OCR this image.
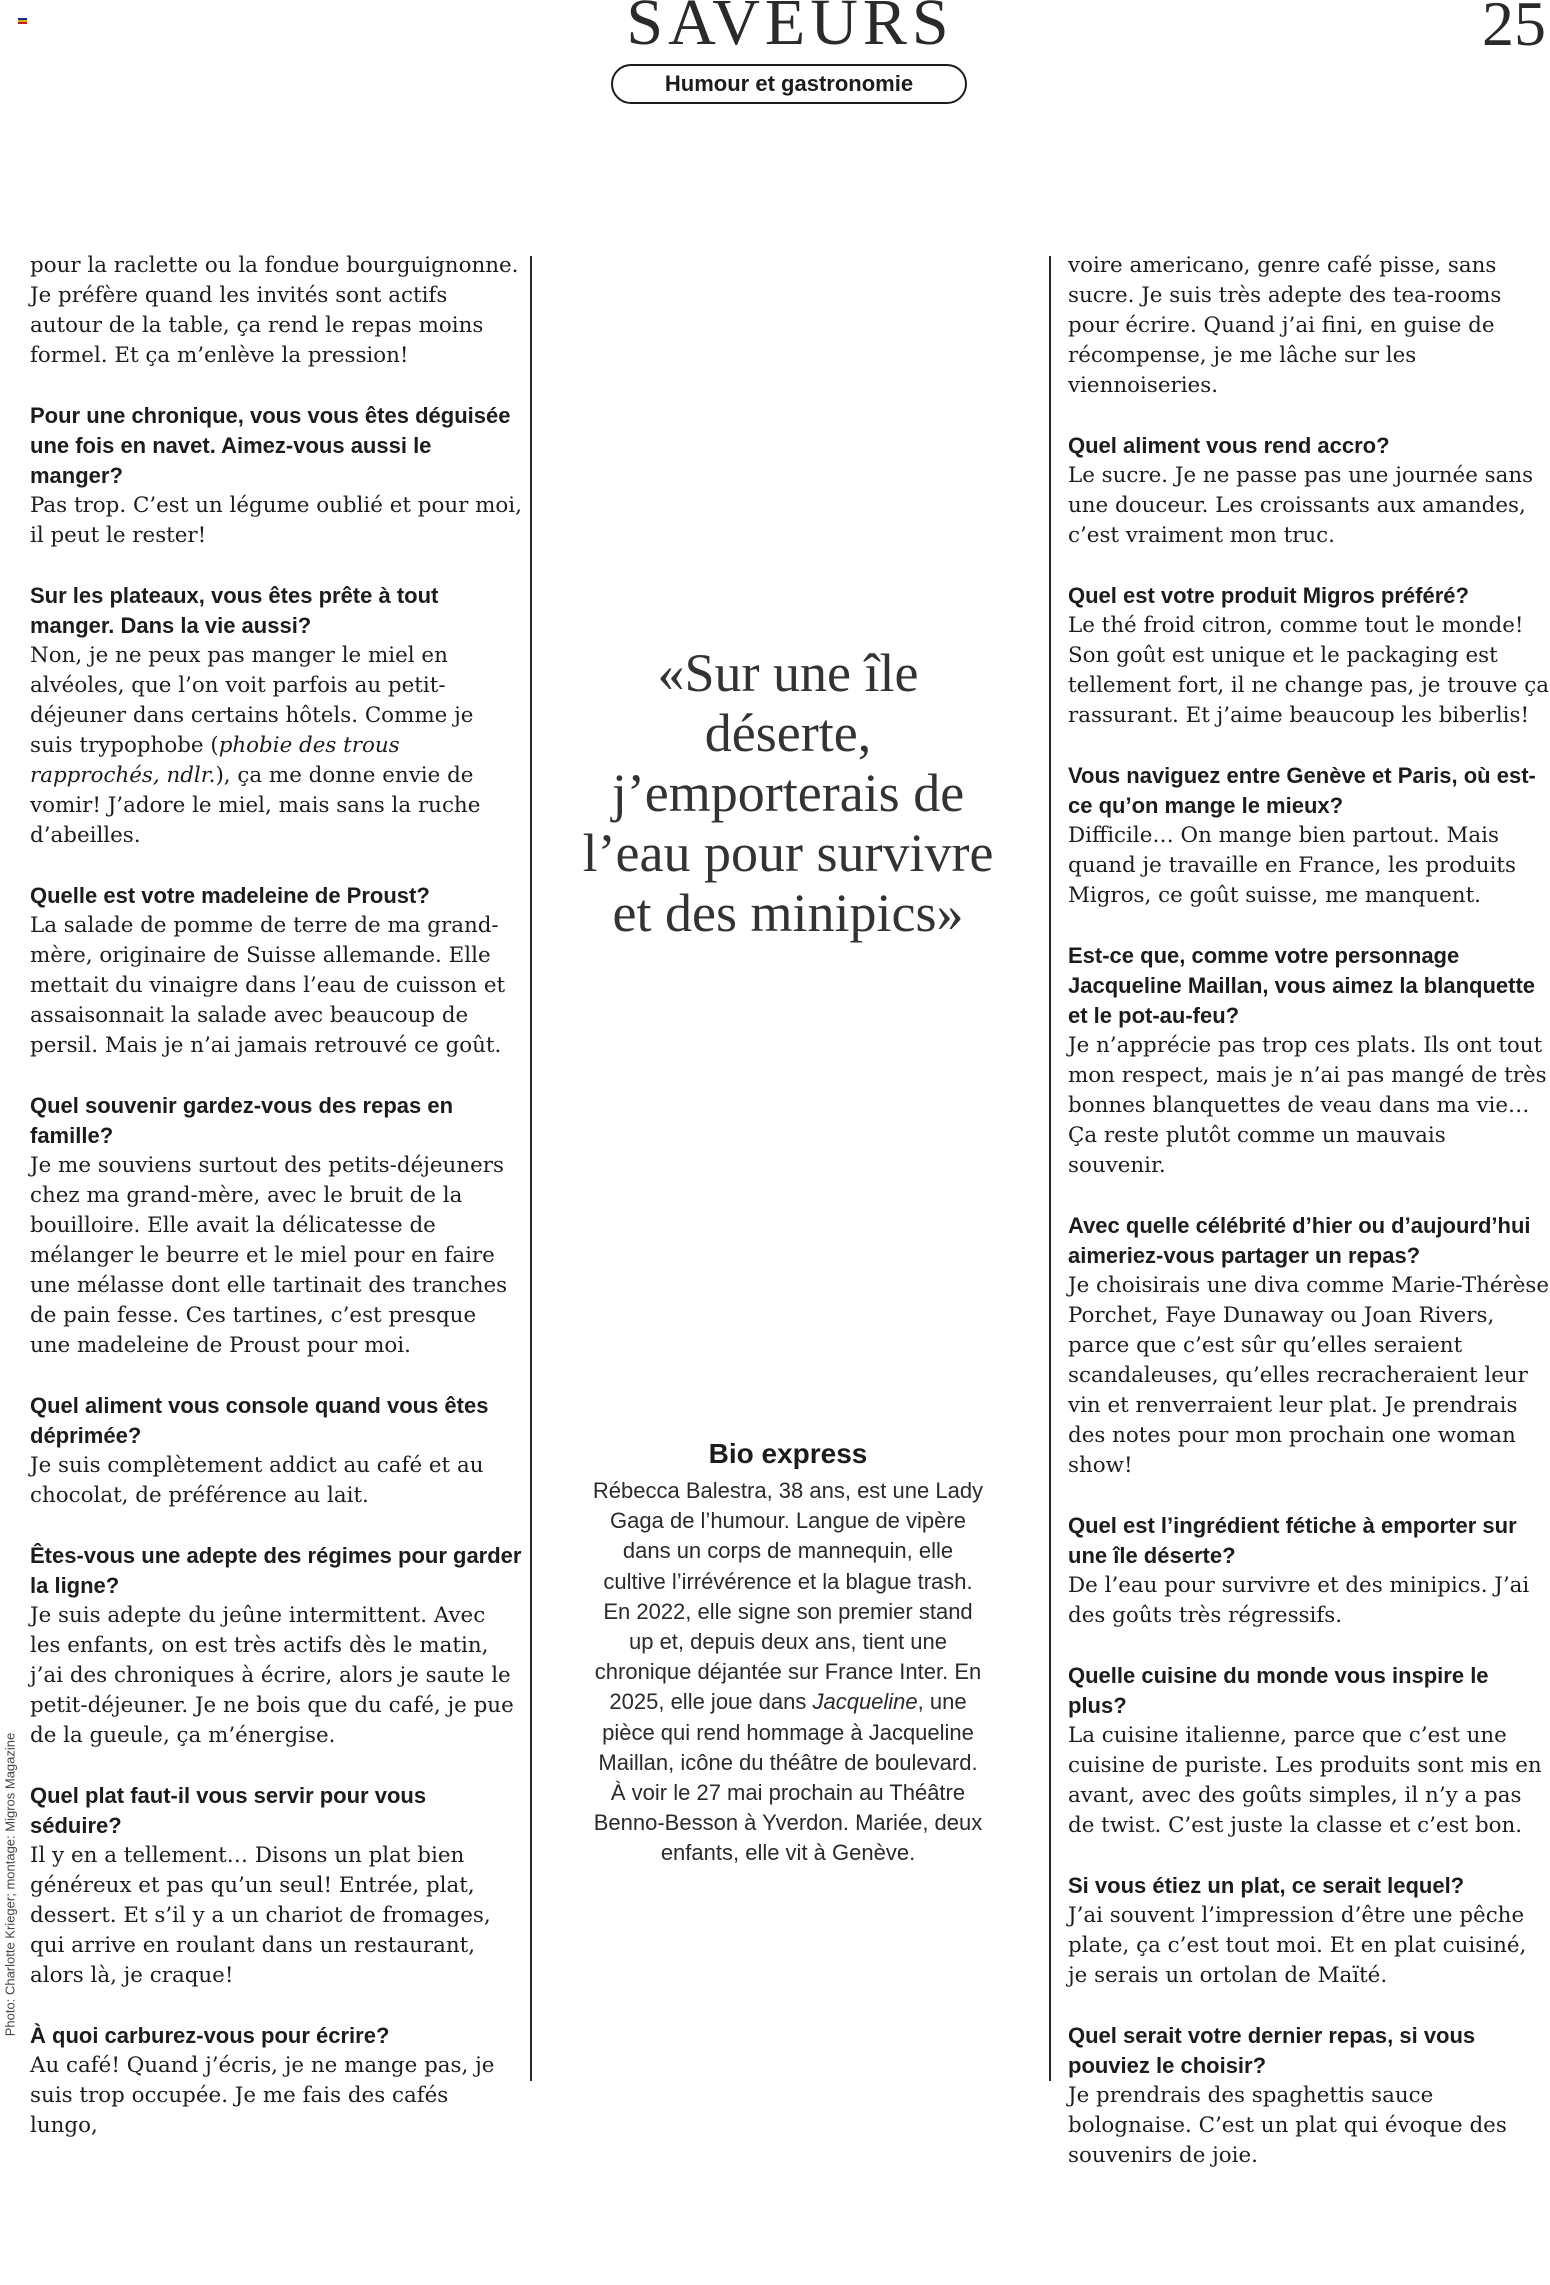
SAVEURS	25
Humour et gastronomie

pour la raclette ou la fondue bourguignonne. Je préfère quand les invités sont actifs autour de la table, ça rend le repas moins formel. Et ça m’enlève la pression!

Pour une chronique, vous vous êtes déguisée une fois en navet. Aimez-vous aussi le manger?
Pas trop. C’est un légume oublié et pour moi, il peut le rester!

Sur les plateaux, vous êtes prête à tout manger. Dans la vie aussi?
Non, je ne peux pas manger le miel en alvéoles, que l’on voit parfois au petit-déjeuner dans certains hôtels. Comme je suis trypophobe (phobie des trous rapprochés, ndlr.), ça me donne envie de vomir! J’adore le miel, mais sans la ruche d’abeilles.

Quelle est votre madeleine de Proust?
La salade de pomme de terre de ma grand-mère, originaire de Suisse allemande. Elle mettait du vinaigre dans l’eau de cuisson et assaisonnait la salade avec beaucoup de persil. Mais je n’ai jamais retrouvé ce goût.

Quel souvenir gardez-vous des repas en famille?
Je me souviens surtout des petits-déjeuners chez ma grand-mère, avec le bruit de la bouilloire. Elle avait la délicatesse de mélanger le beurre et le miel pour en faire une mélasse dont elle tartinait des tranches de pain fesse. Ces tartines, c’est presque une madeleine de Proust pour moi.

Quel aliment vous console quand vous êtes déprimée?
Je suis complètement addict au café et au chocolat, de préférence au lait.

Êtes-vous une adepte des régimes pour garder la ligne?
Je suis adepte du jeûne intermittent. Avec les enfants, on est très actifs dès le matin, j’ai des chroniques à écrire, alors je saute le petit-déjeuner. Je ne bois que du café, je pue de la gueule, ça m’énergise.

Quel plat faut-il vous servir pour vous séduire?
Il y en a tellement… Disons un plat bien généreux et pas qu’un seul! Entrée, plat, dessert. Et s’il y a un chariot de fromages, qui arrive en roulant dans un restaurant, alors là, je craque!

À quoi carburez-vous pour écrire?
Au café! Quand j’écris, je ne mange pas, je suis trop occupée. Je me fais des cafés lungo,

«Sur une île déserte, j’emporterais de l’eau pour survivre et des minipics»
Bio express
Rébecca Balestra, 38 ans, est une Lady Gaga de l’humour. Langue de vipère dans un corps de mannequin, elle cultive l’irrévérence et la blague trash. En 2022, elle signe son premier stand up et, depuis deux ans, tient une chronique déjantée sur France Inter. En 2025, elle joue dans Jacqueline, une pièce qui rend hommage à Jacqueline Maillan, icône du théâtre de boulevard. À voir le 27 mai prochain au Théâtre Benno-Besson à Yverdon. Mariée, deux enfants, elle vit à Genève.

voire americano, genre café pisse, sans sucre. Je suis très adepte des tea-rooms pour écrire. Quand j’ai fini, en guise de récompense, je me lâche sur les viennoiseries.

Quel aliment vous rend accro?
Le sucre. Je ne passe pas une journée sans une douceur. Les croissants aux amandes, c’est vraiment mon truc.

Quel est votre produit Migros préféré?
Le thé froid citron, comme tout le monde! Son goût est unique et le packaging est tellement fort, il ne change pas, je trouve ça rassurant. Et j’aime beaucoup les biberlis!

Vous naviguez entre Genève et Paris, où est-ce qu’on mange le mieux?
Difficile… On mange bien partout. Mais quand je travaille en France, les produits Migros, ce goût suisse, me manquent.

Est-ce que, comme votre personnage Jacqueline Maillan, vous aimez la blanquette et le pot-au-feu?
Je n’apprécie pas trop ces plats. Ils ont tout mon respect, mais je n’ai pas mangé de très bonnes blanquettes de veau dans ma vie… Ça reste plutôt comme un mauvais souvenir.

Avec quelle célébrité d’hier ou d’aujourd’hui aimeriez-vous partager un repas?
Je choisirais une diva comme Marie-Thérèse Porchet, Faye Dunaway ou Joan Rivers, parce que c’est sûr qu’elles seraient scandaleuses, qu’elles recracheraient leur vin et renverraient leur plat. Je prendrais des notes pour mon prochain one woman show!

Quel est l’ingrédient fétiche à emporter sur une île déserte?
De l’eau pour survivre et des minipics. J’ai des goûts très régressifs.

Quelle cuisine du monde vous inspire le plus?
La cuisine italienne, parce que c’est une cuisine de puriste. Les produits sont mis en avant, avec des goûts simples, il n’y a pas de twist. C’est juste la classe et c’est bon.

Si vous étiez un plat, ce serait lequel?
J’ai souvent l’impression d’être une pêche plate, ça c’est tout moi. Et en plat cuisiné, je serais un ortolan de Maïté.

Quel serait votre dernier repas, si vous pouviez le choisir?
Je prendrais des spaghettis sauce bolognaise. C’est un plat qui évoque des souvenirs de joie.

Photo: Charlotte Krieger; montage: Migros Magazine
